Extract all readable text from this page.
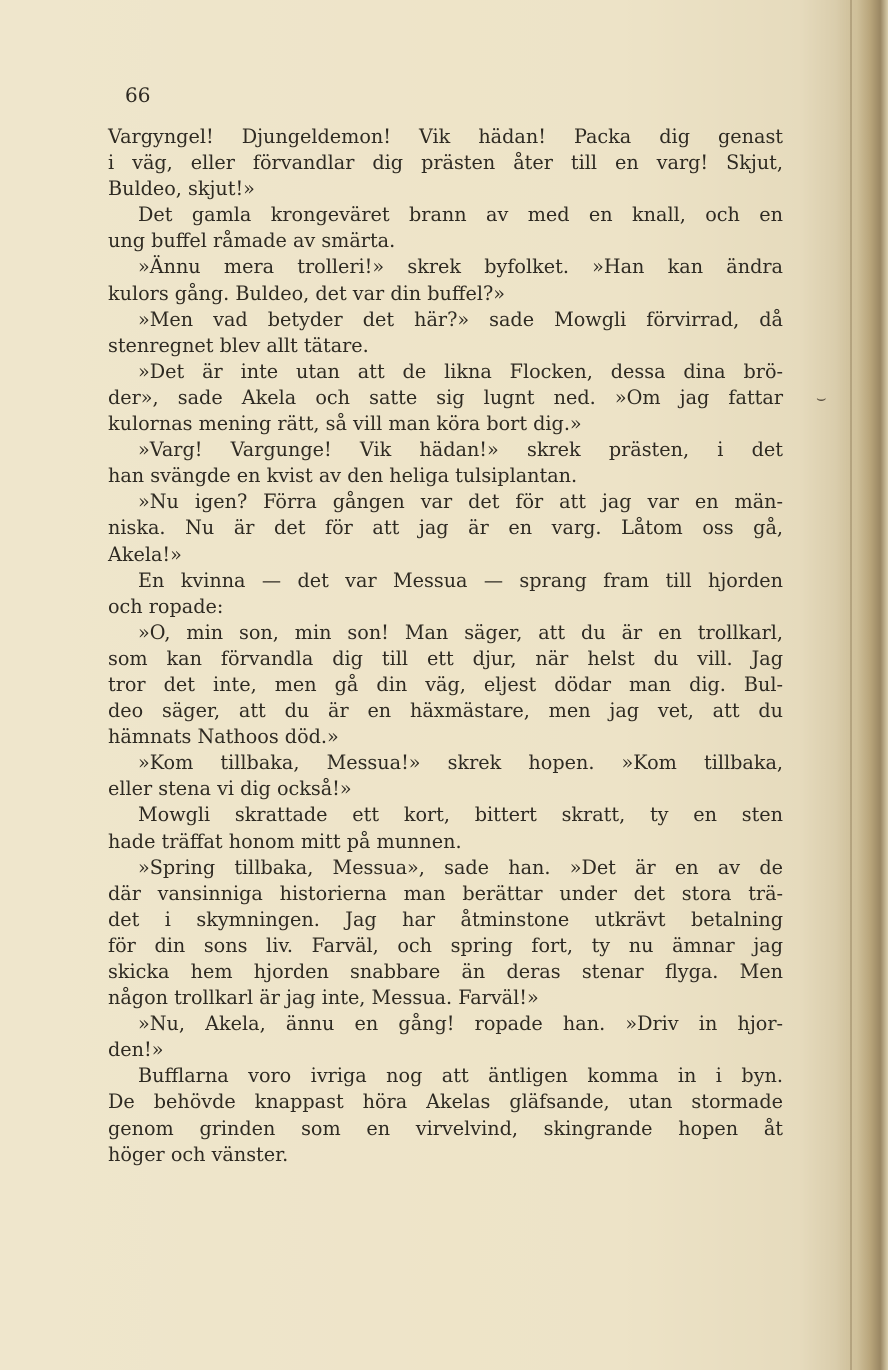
66
Vargyngel! Djungeldemon! Vik hädan! Packa dig genast
i väg, eller förvandlar dig prästen åter till en varg! Skjut,
Buldeo, skjut!»
Det gamla krongeväret brann av med en knall, och en
ung buffel råmade av smärta.
»Ännu mera trolleri!» skrek byfolket. »Han kan ändra
kulors gång. Buldeo, det var din buffel?»
»Men vad betyder det här?» sade Mowgli förvirrad, då
stenregnet blev allt tätare.
»Det är inte utan att de likna Flocken, dessa dina brö-
der», sade Akela och satte sig lugnt ned. »Om jag fattar
kulornas mening rätt, så vill man köra bort dig.»
»Varg! Vargunge! Vik hädan!» skrek prästen, i det
han svängde en kvist av den heliga tulsiplantan.
»Nu igen? Förra gången var det för att jag var en män-
niska. Nu är det för att jag är en varg. Låtom oss gå,
Akela!»
En kvinna — det var Messua — sprang fram till hjorden
och ropade:
»O, min son, min son! Man säger, att du är en trollkarl,
som kan förvandla dig till ett djur, när helst du vill. Jag
tror det inte, men gå din väg, eljest dödar man dig. Bul-
deo säger, att du är en häxmästare, men jag vet, att du
hämnats Nathoos död.»
»Kom tillbaka, Messua!» skrek hopen. »Kom tillbaka,
eller stena vi dig också!»
Mowgli skrattade ett kort, bittert skratt, ty en sten
hade träffat honom mitt på munnen.
»Spring tillbaka, Messua», sade han. »Det är en av de
där vansinniga historierna man berättar under det stora trä-
det i skymningen. Jag har åtminstone utkrävt betalning
för din sons liv. Farväl, och spring fort, ty nu ämnar jag
skicka hem hjorden snabbare än deras stenar flyga. Men
någon trollkarl är jag inte, Messua. Farväl!»
»Nu, Akela, ännu en gång! ropade han. »Driv in hjor-
den!»
Bufflarna voro ivriga nog att äntligen komma in i byn.
De behövde knappast höra Akelas gläfsande, utan stormade
genom grinden som en virvelvind, skingrande hopen åt
höger och vänster.
⌣
